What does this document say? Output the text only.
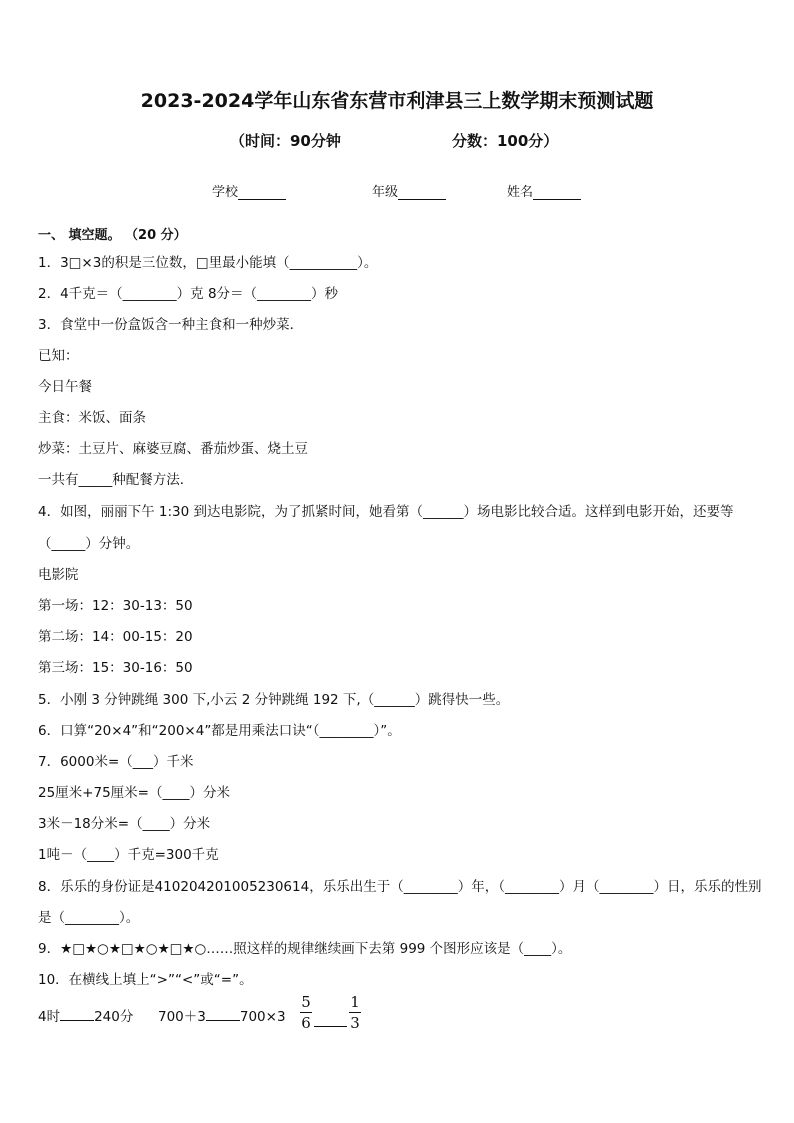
2023-2024学年山东省东营市利津县三上数学期末预测试题
（时间：90分钟	分数：100分）
学校	年级	姓名
一、 填空题。 （20 分）
1．3□×3的积是三位数，□里最小能填（__________）。
2．4千克＝（________）克 8分＝（________）秒
3．食堂中一份盒饭含一种主食和一种炒菜．
已知：
今日午餐
主食：米饭、面条
炒菜：土豆片、麻婆豆腐、番茄炒蛋、烧土豆
一共有_____种配餐方法．
4．如图，丽丽下午 1:30 到达电影院，为了抓紧时间，她看第（______）场电影比较合适。这样到电影开始，还要等
（_____）分钟。
电影院
第一场：12：30-13：50
第二场：14：00-15：20
第三场：15：30-16：50
5．小刚 3 分钟跳绳 300 下,小云 2 分钟跳绳 192 下,（______）跳得快一些。
6．口算“20×4”和“200×4”都是用乘法口诀“（________）”。
7．6000米=（___）千米
25厘米+75厘米=（____）分米
3米－18分米=（____）分米
1吨－（____）千克=300千克
8．乐乐的身份证是410204201005230614，乐乐出生于（________）年，（________）月（________）日，乐乐的性别
是（________）。
9．★□★○★□★○★□★○……照这样的规律继续画下去第 999 个图形应该是（____）。
10．在横线上填上“>”“<”或“=”。
4时	240分 700＋3	700×3
5
6
1
3
